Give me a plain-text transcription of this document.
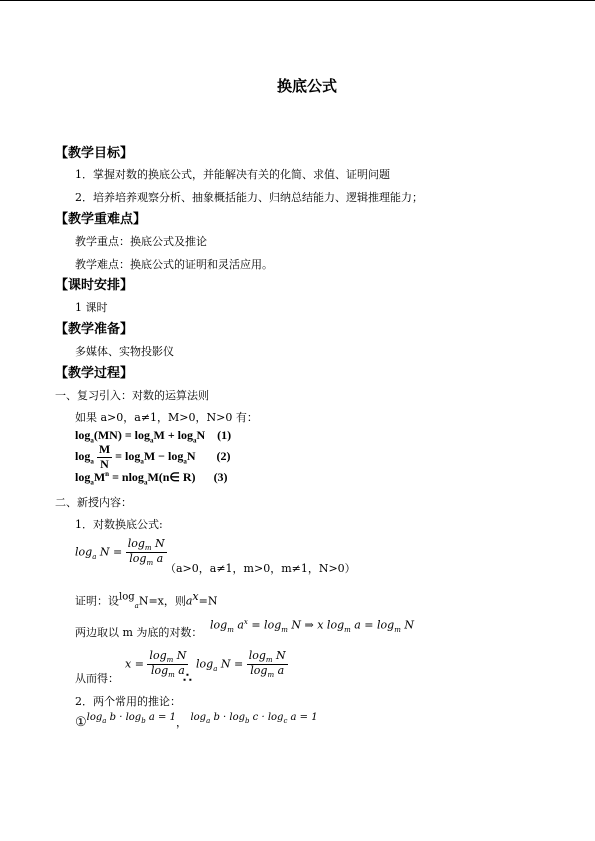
换底公式
【教学目标】
1．掌握对数的换底公式，并能解决有关的化简、求值、证明问题
2．培养培养观察分析、抽象概括能力、归纳总结能力、逻辑推理能力；
【教学重难点】
教学重点：换底公式及推论
教学难点：换底公式的证明和灵活应用。
【课时安排】
1 课时
【教学准备】
多媒体、实物投影仪
【教学过程】
一、复习引入：对数的运算法则
如果 a>0，a≠1，M>0，N>0 有：
$\log_a(MN) = \log_aM + \log_aN$    (1)
$\log_a \frac{M}{N} = \log_aM - \log_aN$       (2)
$\log_aM^n$ = nlog$_a$M(n∈ R)      (3)
二、新授内容：
1．对数换底公式:
$\log_a N = \frac{\log_m N}{\log_m a}$
（a>0，a≠1，m>0，m≠1，N>0）
证明：设$\log_aN=x$，则$a^x=N$
两边取以 m 为底的对数：
$\log_m a^x = \log_m N$ ⇒ x $\log_m a = \log_m N$
$x = \frac{\log_m N}{\log_m a} \log_a N = \frac{\log_m N}{\log_m a}$
从而得：	∴
2．两个常用的推论：
$①\log_a$ $b \cdot \log_b a = 1$， $\log_a b \cdot \log_b c \cdot \log_c a = 1$
